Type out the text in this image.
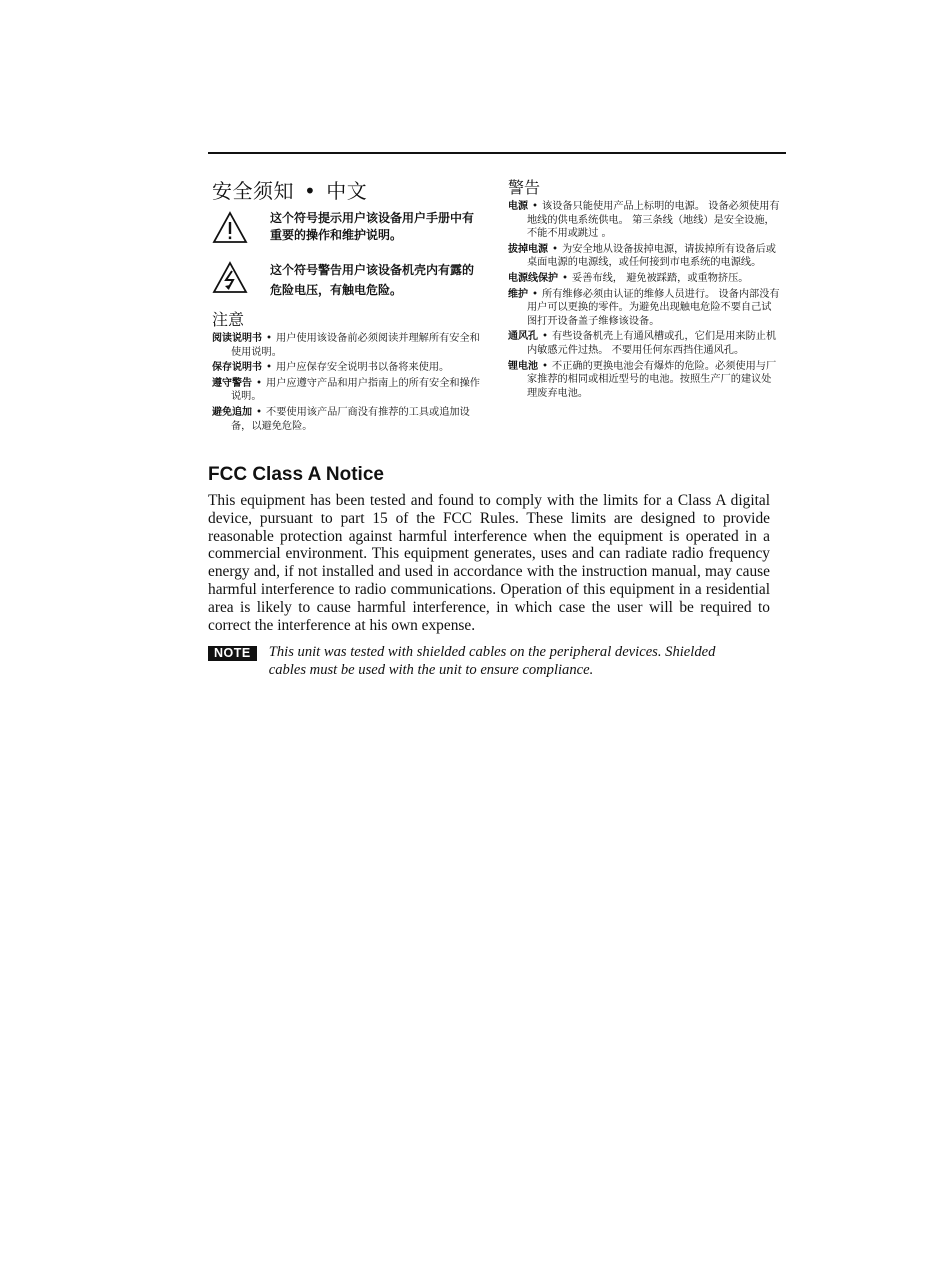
安全须知 • 中文
这个符号提示用户该设备用户手册中有重要的操作和维护说明。
这个符号警告用户该设备机壳内有露的危险电压，有触电危险。
注意
阅读说明书 • 用户使用该设备前必须阅读并理解所有安全和使用说明。
保存说明书 • 用户应保存安全说明书以备将来使用。
遵守警告 • 用户应遵守产品和用户指南上的所有安全和操作说明。
避免追加 • 不要使用该产品厂商没有推荐的工具或追加设备，以避免危险。
警告
电源 • 该设备只能使用产品上标明的电源。 设备必须使用有地线的供电系统供电。 第三条线（地线）是安全设施，不能不用或跳过 。
拔掉电源 • 为安全地从设备拔掉电源，请拔掉所有设备后或桌面电源的电源线，或任何接到市电系统的电源线。
电源线保护 • 妥善布线， 避免被踩踏，或重物挤压。
维护 • 所有维修必须由认证的维修人员进行。 设备内部没有用户可以更换的零件。为避免出现触电危险不要自己试图打开设备盖子维修该设备。
通风孔 • 有些设备机壳上有通风槽或孔，它们是用来防止机内敏感元件过热。 不要用任何东西挡住通风孔。
锂电池 • 不正确的更换电池会有爆炸的危险。必须使用与厂家推荐的相同或相近型号的电池。按照生产厂的建议处理废弃电池。
FCC Class A Notice

This equipment has been tested and found to comply with the limits for a Class A digital device, pursuant to part 15 of the FCC Rules. These limits are designed to provide reasonable protection against harmful interference when the equipment is operated in a commercial environment. This equipment generates, uses and can radiate radio frequency energy and, if not installed and used in accordance with the instruction manual, may cause harmful interference to radio communications. Operation of this equipment in a residential area is likely to cause harmful interference, in which case the user will be required to correct the interference at his own expense.

NOTE	This unit was tested with shielded cables on the peripheral devices. Shielded cables must be used with the unit to ensure compliance.
